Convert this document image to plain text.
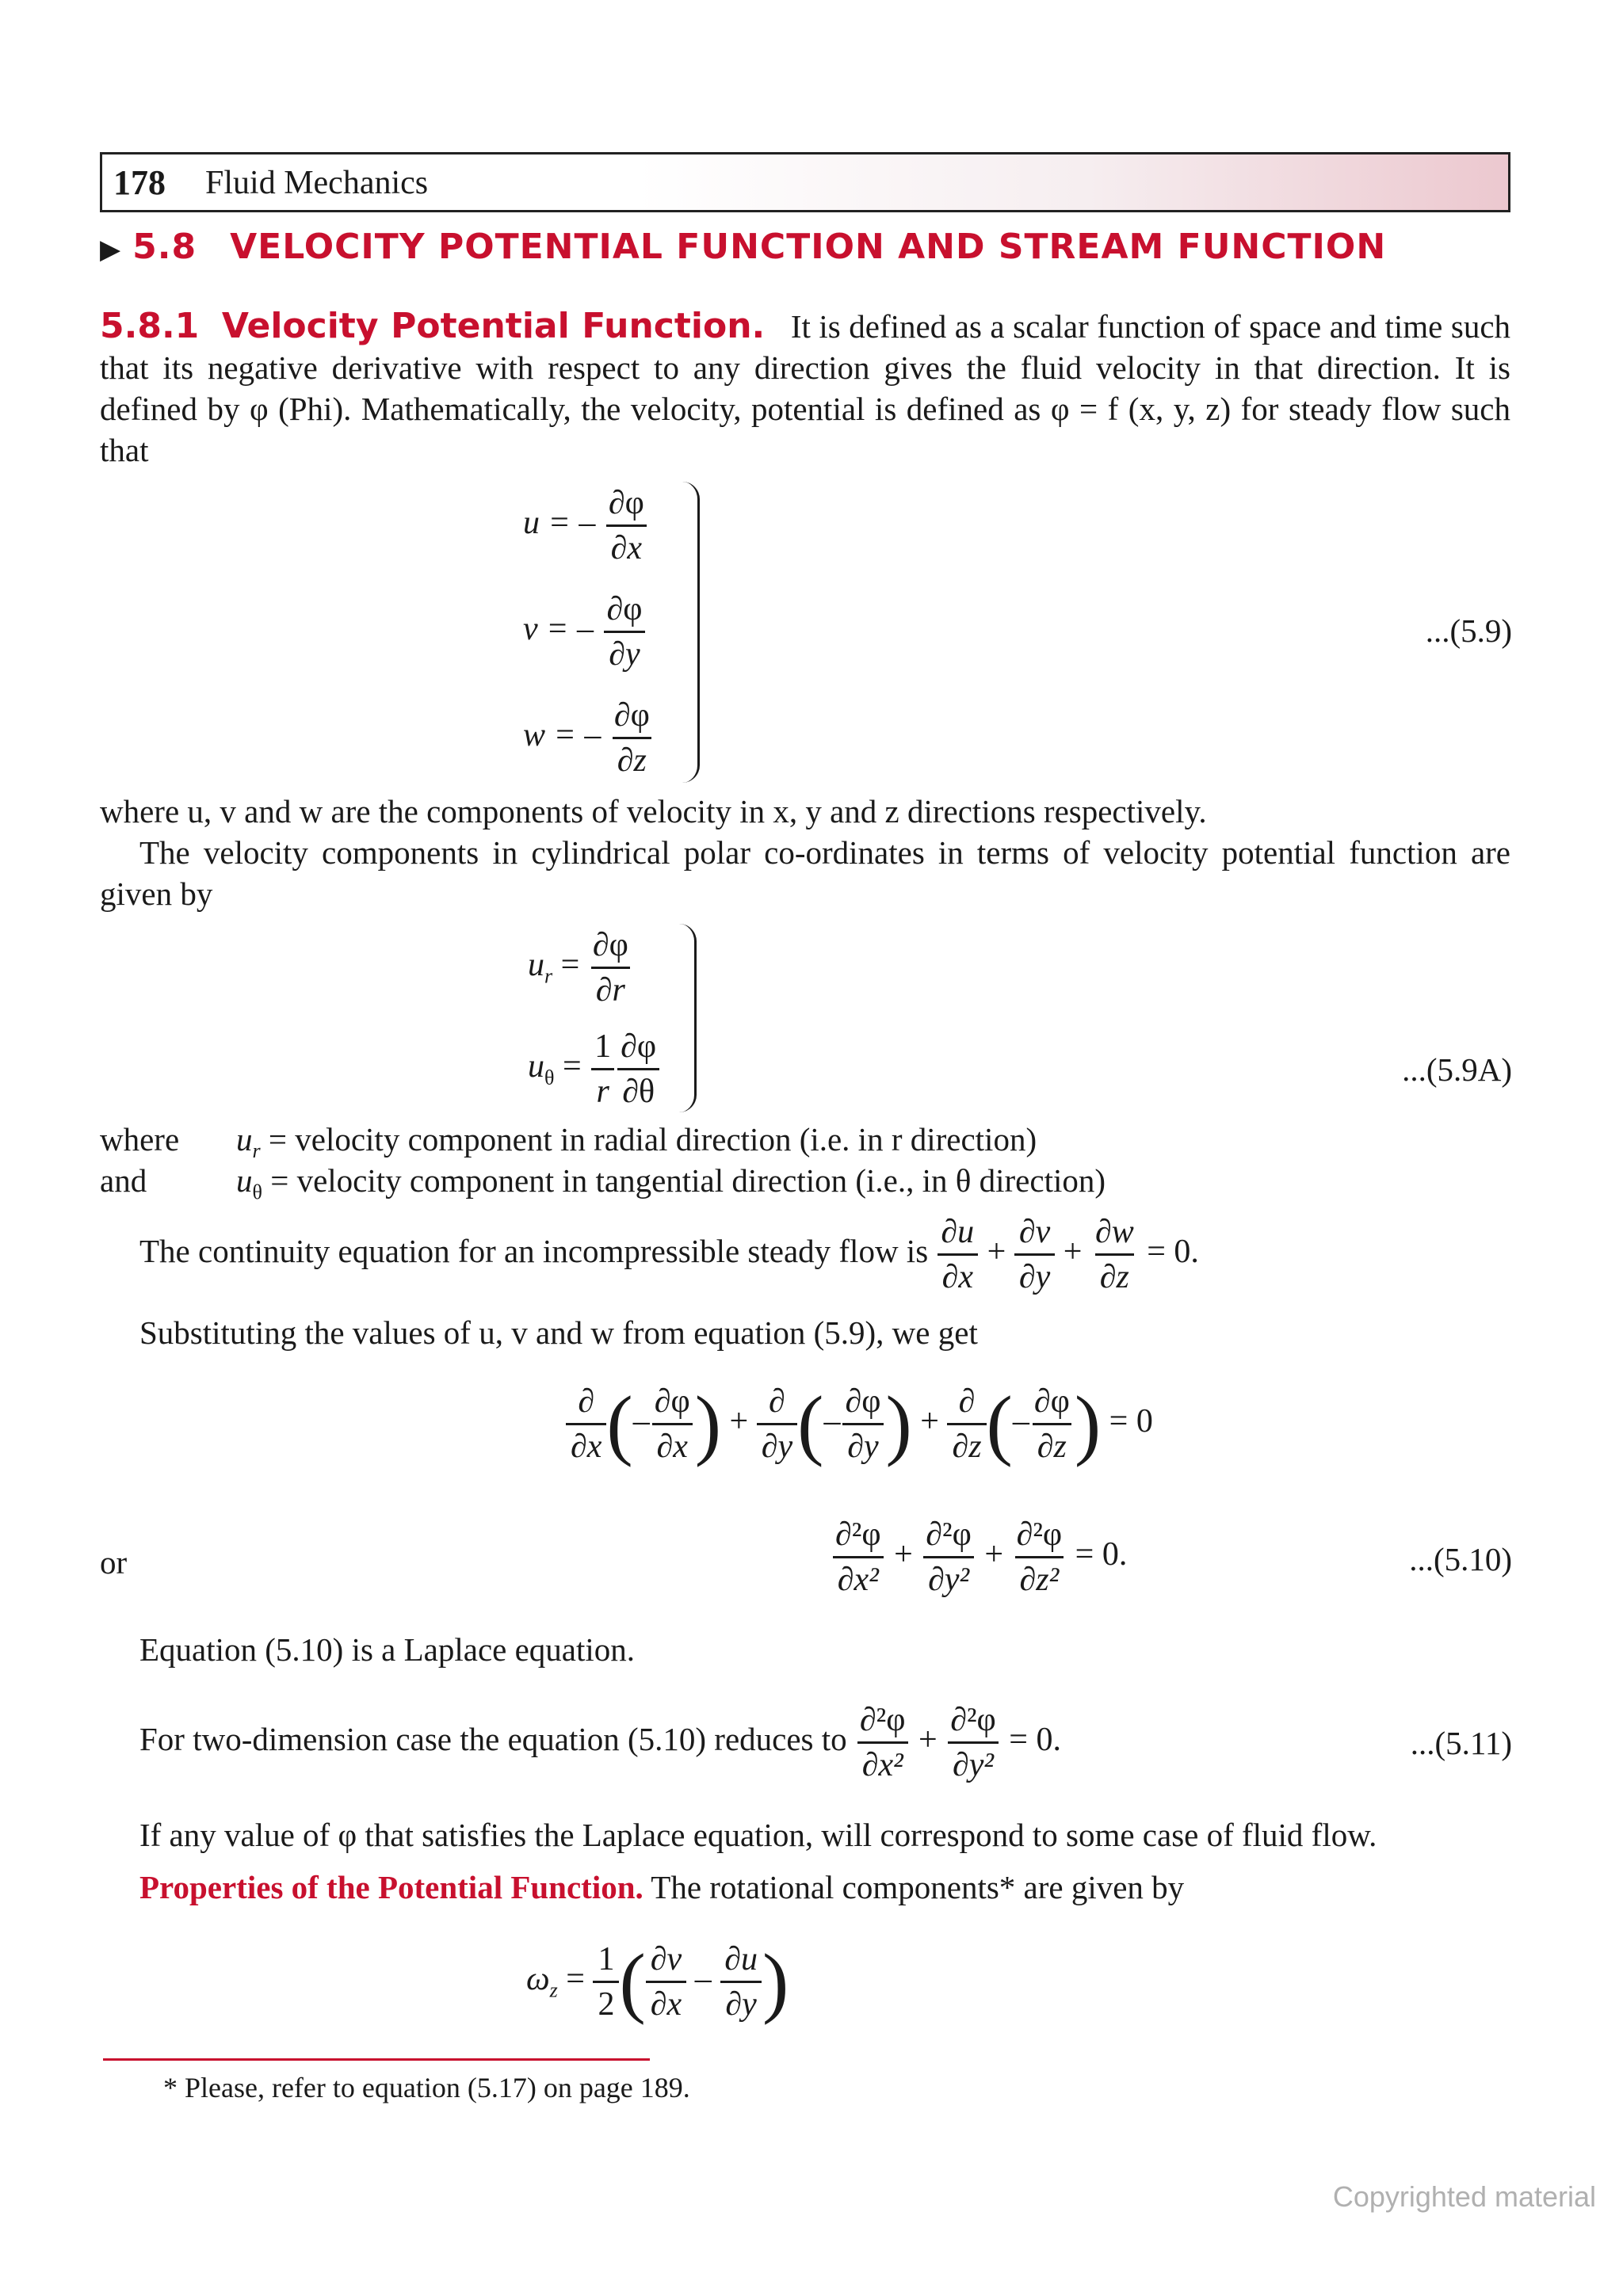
178 Fluid Mechanics
▶ 5.8 VELOCITY POTENTIAL FUNCTION AND STREAM FUNCTION
5.8.1 Velocity Potential Function. It is defined as a scalar function of space and time such that its negative derivative with respect to any direction gives the fluid velocity in that direction. It is defined by φ (Phi). Mathematically, the velocity, potential is defined as φ = f (x, y, z) for steady flow such that
u = – $\frac{\partial\varphi}{\partial x}$
v = – $\frac{\partial\varphi}{\partial y}$
w = – $\frac{\partial\varphi}{\partial z}$
...(5.9)
where u, v and w are the components of velocity in x, y and z directions respectively.
The velocity components in cylindrical polar co-ordinates in terms of velocity potential function are given by
$u_r = \frac{\partial\varphi}{\partial r}$
$u_\theta = \frac{1}{r} \frac{\partial\varphi}{\partial\theta}$	...(5.9A)
where $u_r$ = velocity component in radial direction (i.e. in r direction)
and	$u_\theta$ = velocity component in tangential direction (i.e., in θ direction)
The continuity equation for an incompressible steady flow is $\frac{\partial u}{\partial x} + \frac{\partial v}{\partial y} + \frac{\partial w}{\partial z} = 0$.
Substituting the values of u, v and w from equation (5.9), we get
$\frac{\partial}{\partial x}$ (– $\frac{\partial\varphi}{\partial x}$ ) + $\frac{\partial}{\partial y}$ (– $\frac{\partial\varphi}{\partial y}$ ) + $\frac{\partial}{\partial z}$ (– $\frac{\partial\varphi}{\partial z}$ ) = 0
or	$\frac{\text{∂²φ}}{\text{∂x²}} + \frac{\text{∂²φ}}{\text{∂y²}} + \frac{\text{∂²φ}}{\text{∂z²}} = 0$.	...(5.10)
Equation (5.10) is a Laplace equation.
For two-dimension case the equation (5.10) reduces to $\frac{\text{∂²φ}}{\text{∂x²}} + \frac{\text{∂²φ}}{\text{∂y²}} = 0$.	...(5.11)
If any value of φ that satisfies the Laplace equation, will correspond to some case of fluid flow.
Properties of the Potential Function. The rotational components* are given by
$\omega_z = \frac{1}{2}$ ( $\frac{\partial v}{\partial x} - \frac{\partial u}{\partial y}$ )
* Please, refer to equation (5.17) on page 189.
Copyrighted material
